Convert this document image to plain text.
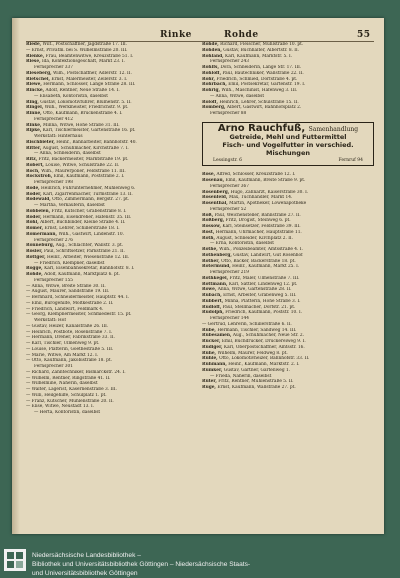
Rinke	Rohde	55
Riede, Wilt., Postschaffner, Jagdstraße 17. III.
— Ernst, Privatm. bei S. Wilhelmstraße 20. III.
Rienke, Frau, Beamtenwitwe, Kreuzstraße 51. I.
Riese, Ida, Konfektionsgeschäft, Markt 23. I.
Fernsprecher 337
Rieseberg, Wilh., Postschaffner, Adlerstr. 12. II.
Rietschel, Ernst, Malermeister, Zellerstr. 3. I.
Riewe, Hermann, Schlosser, Lange Straße 28. III.
Rincke, Adolf, Rentner, Neue Straße 14. I.
— Elisabeth, Kontoristin, daselbst
Ring, Gustav, Lokomotivführer, Blumenstr. 5. II.
Ringel, Wilh., Werkmeister, Friedrichstr. 9. pt.
Rinne, Otto, Kaufmann, Brückenstraße 4. I.
Fernsprecher 412
Rinke, Minna, Witwe, Hohe Straße 31. III.
Ripke, Karl, Tischlermeister, Gartenstraße 16. pt.
Werkstatt: Hinterhaus
Rischbieter, Heinr., Bahnarbeiter, Bahnhofstr. 40.
Ritter, August, Schuhmacher, Kirchstraße 7. I.
— Anna, Schneiderin, daselbst
Ritz, Fritz, Bäckermeister, Marktstraße 19. pt.
Robert, Louise, Witwe, Schulstraße 22. II.
Roch, Wilh., Maurerpolier, Feldstraße 11. III.
Rockstroh, Emil, Kaufmann, Poststraße 2. I.
Fernsprecher 198
Rode, Heinrich, Fuhrunternehmer, Mühlenweg 6.
Roder, Karl, Zigarrenmacher, Turmstraße 13. II.
Rodewald, Otto, Zimmermann, Bergstr. 27. pt.
— Martha, Verkäuferin, daselbst
Röbbelen, Fritz, Kutscher, Grabenstraße 8. I.
Röder, Hermann, Eisendreher, Hafenstr. 35. III.
Röhl, Albert, Buchbinder, Kleine Straße 4. II.
Römer, Ernst, Lehrer, Schillerstraße 18. I.
Römermann, Wilh., Gastwirt, Lindenstr. 10.
Fernsprecher 276
Rönneburg, Aug., Schlachter, Wallstr. 3. pt.
Rösler, Paul, Schriftsetzer, Parkstraße 21. II.
Röttger, Heinr., Arbeiter, Wiesenstraße 12. III.
— Friedrich, Klempner, daselbst
Rogge, Karl, Eisenbahnsekretär, Bahnhofstr. 8. I.
Rohde, Adolf, Kaufmann, Marktplatz 6. pt.
Fernsprecher 155
— Anna, Witwe, Breite Straße 30. II.
— August, Maurer, Sandstraße 19. III.
— Bernhard, Schneidermeister, Hauptstr. 44. I.
— Emil, Bürogehilfe, Moltkestraße 2. II.
— Friedrich, Landwirt, Feldmark 4.
— Georg, Klempnermeister, Schmiedestr. 15. pt.
Werkstatt: Hof
— Gustav, Heizer, Kanalstraße 26. III.
— Heinrich, Postbote, Rosenstraße 7. I.
— Hermann, Dreher, Fabrikstraße 33. II.
— Karl, Tischler, Ulmenweg 9. pt.
— Louise, Plätterin, Goethestraße 5. III.
— Marie, Witwe, Am Markt 12. I.
— Otto, Kaufmann, Jakobistraße 18. pt.
Fernsprecher 301
— Richard, Zahntechniker, Bismarckstr. 24. I.
— Wilhelm, Rentner, Ringstraße 41. II.
— Wilhelmine, Näherin, daselbst
— Walter, Lagerist, Kasernenstraße 3. III.
— Willi, Heilgehilfe, Schulplatz 1. pt.
— Franz, Kutscher, Mühlenstraße 20. II.
— Elise, Witwe, Neustadt 13. I.
— Herta, Kontoristin, daselbst
Rohde, Richard, Fleischer, Mühlstraße 10. pt.
Rohden, Gustav, Buchhalter, Albertstr. 8. II.
Rohland, Karl, Kaufmann, Marktstr. 5. I.
Fernsprecher 243
Rohlfs, Dora, Schneiderin, Lange Str. 17. III.
Rohloff, Paul, Bautechniker, Wallstraße 22. II.
Rohr, Friedrich, Schmied, Dorfstraße 4. pt.
Rohrbach, Emil, Postsekretär, Gartenstr. 19. I.
Rohrig, Wilh., Maschinist, Hafenweg 3. III.
— Anna, Witwe, daselbst
Roloff, Heinrich, Lehrer, Schulstraße 15. II.
Romberg, Albert, Gastwirt, Bahnhofsplatz 2.
Fernsprecher 88
Arno Rauchfuß, Samenhandlung
Getreide, Mehl und Futtermittel
Fisch- und Vogelfutter in verschied. Mischungen
Lessingstr. 6	Fernruf 94
Rose, Alfred, Schlosser, Kreuzstraße 12. I.
Rosenau, Emil, Kaufmann, Breite Straße 9. pt.
Fernsprecher 367
Rosenberg, Hugo, Zahnarzt, Kaiserstraße 30. I.
Rosenfeld, Max, Tuchhändler, Markt 14.
Rosenthal, Martin, Apotheker, Löwenapotheke
Fernsprecher 52
Roß, Paul, Weichensteller, Bahnstraße 27. II.
Roßberg, Fritz, Drogist, Steinweg 6. pt.
Rossow, Karl, Steinsetzer, Feldstraße 39. III.
Rost, Hermann, Uhrmacher, Hauptstraße 11.
Roth, August, Schneider, Kirchplatz 2. II.
— Erna, Kontoristin, daselbst
Rothe, Wilh., Polizeibeamter, Amtsstraße 4. I.
Rothenberg, Gustav, Landwirt, Gut Rosenhof
Rother, Otto, Bäcker, Bäckerstraße 18. pt.
Rotermund, Heinr., Kaufmann, Markt 25. I.
Fernsprecher 219
Rothkegel, Fritz, Maler, Ulmenstraße 7. III.
Rottmann, Karl, Sattler, Lindenweg 12. pt.
Rowe, Anna, Witwe, Gartenstraße 28. II.
Rubach, Ernst, Arbeiter, Grabenweg 5. III.
Rubbert, Minna, Plätterin, Hohe Straße 3. I.
Rudloff, Paul, Stellmacher, Dorfstr. 21. pt.
Rudolph, Friedrich, Kaufmann, Poststr. 10. I.
Fernsprecher 144
— Gertrud, Lehrerin, Schillerstraße 6. II.
Rübe, Hermann, Tischler, Sandweg 14. III.
Rübesamen, Aug., Schuhmacher, Neue Str. 2.
Rücker, Emil, Buchdrucker, Druckereiweg 9. I.
Rüdiger, Karl, Oberpostschaffner, Amtsstr. 16.
Rühe, Wilhelm, Maurer, Feldweg 8. pt.
Rühle, Otto, Lokomotivheizer, Bahnhofstr. 33. II.
Rühmann, Heinr., Kaufmann, Marktstr. 2. I.
Rümker, Gustav, Gärtner, Gartenweg 1.
— Frieda, Näherin, daselbst
Rüter, Fritz, Rentner, Mühlenstraße 5. II.
Ruge, Ernst, Kaufmann, Wallstraße 27. pt.
Niedersächsische Landesbibliothek –
Bibliothek und Universitätsbibliothek Göttingen – Niedersächsische Staats-
und Universitätsbibliothek Göttingen
